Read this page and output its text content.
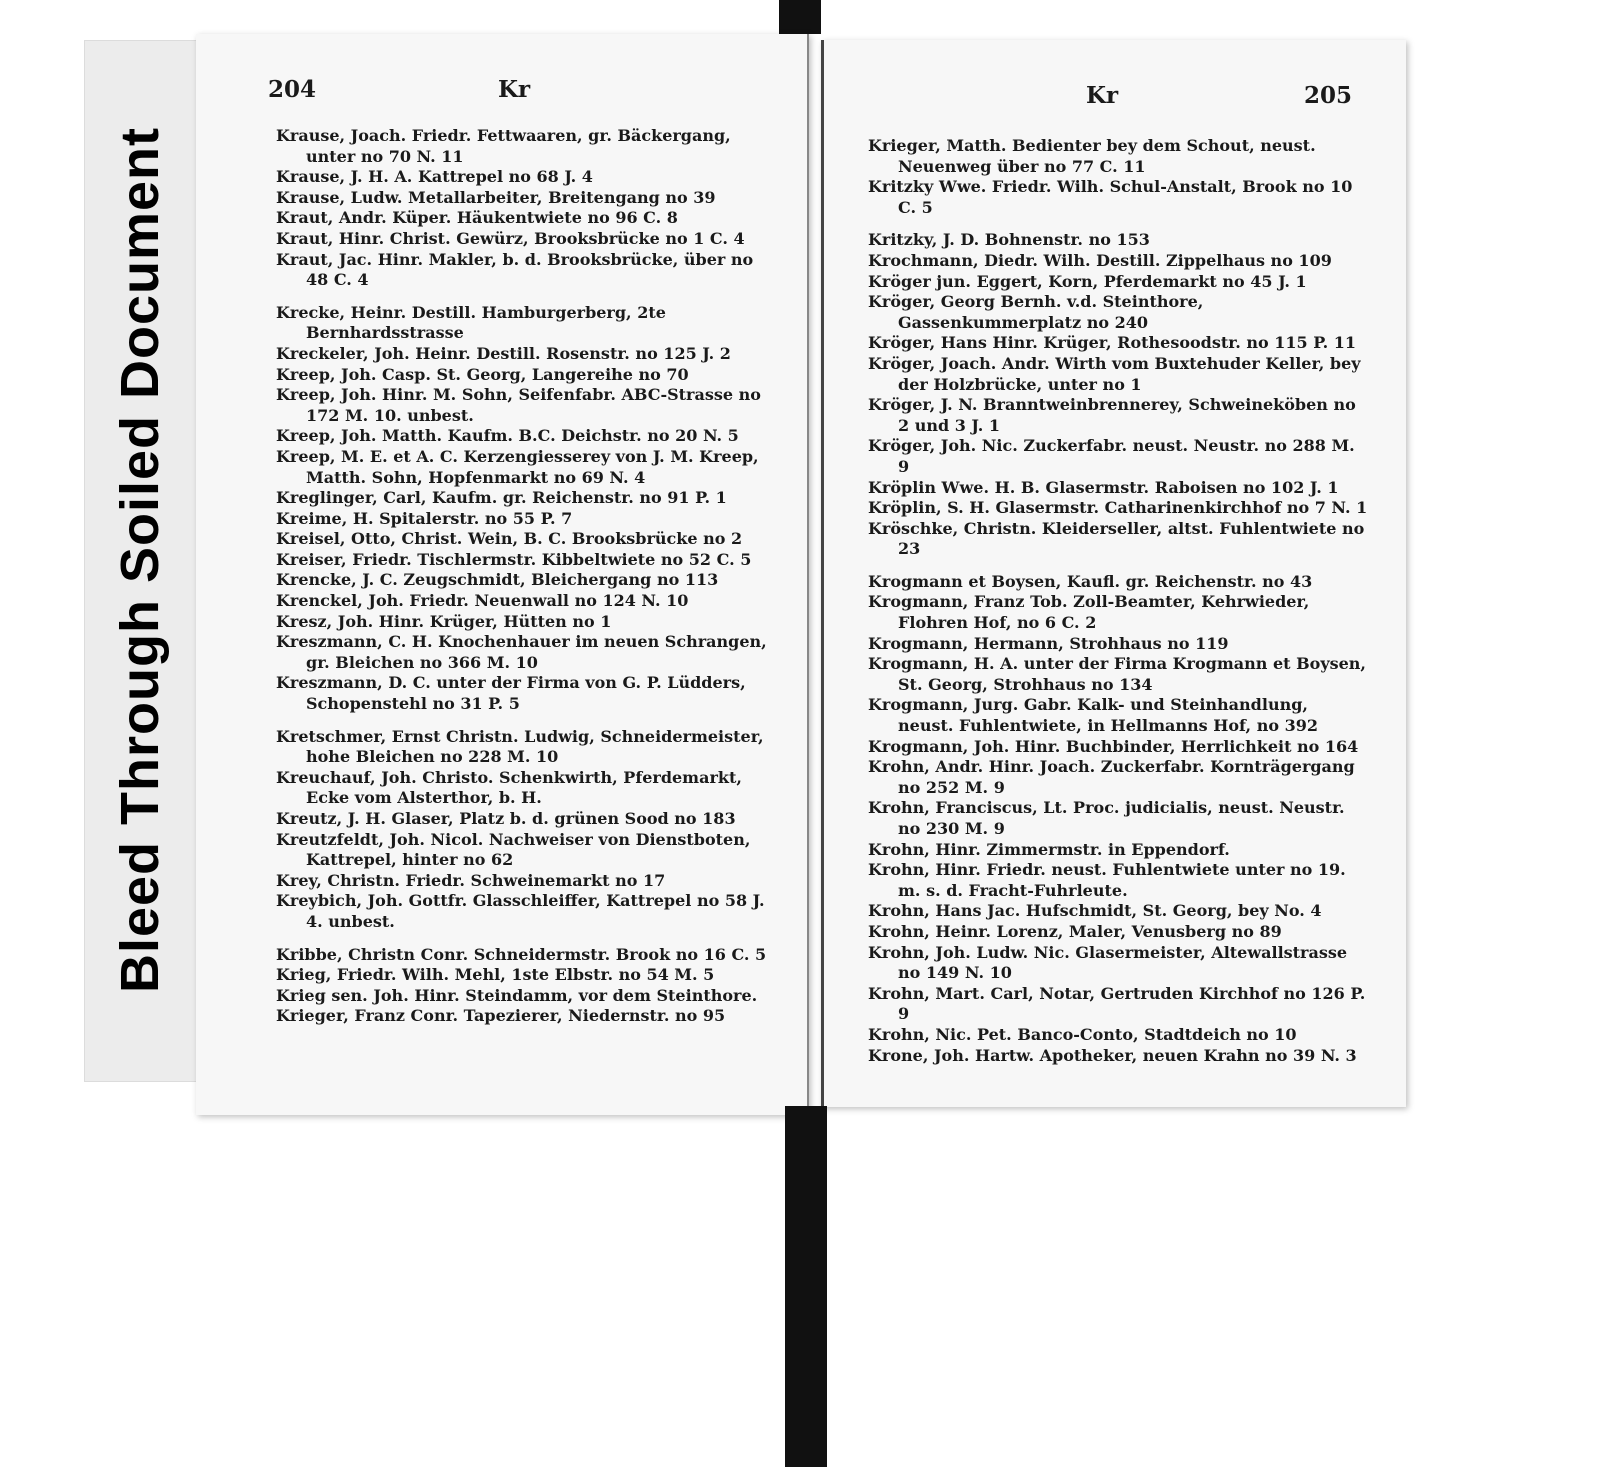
Bleed Through Soiled Document
204	Kr

Krause, Joach. Friedr. Fettwaaren, gr. Bäckergang, unter no 70 N. 11

Krause, J. H. A. Kattrepel no 68 J. 4

Krause, Ludw. Metallarbeiter, Breitengang no 39

Kraut, Andr. Küper. Häukentwiete no 96 C. 8

Kraut, Hinr. Christ. Gewürz, Brooksbrücke no 1 C. 4

Kraut, Jac. Hinr. Makler, b. d. Brooksbrücke, über no 48 C. 4

Krecke, Heinr. Destill. Hamburgerberg, 2te Bernhardsstrasse

Kreckeler, Joh. Heinr. Destill. Rosenstr. no 125 J. 2

Kreep, Joh. Casp. St. Georg, Langereihe no 70

Kreep, Joh. Hinr. M. Sohn, Seifenfabr. ABC-Strasse no 172 M. 10. unbest.

Kreep, Joh. Matth. Kaufm. B.C. Deichstr. no 20 N. 5

Kreep, M. E. et A. C. Kerzengiesserey von J. M. Kreep, Matth. Sohn, Hopfenmarkt no 69 N. 4

Kreglinger, Carl, Kaufm. gr. Reichenstr. no 91 P. 1

Kreime, H. Spitalerstr. no 55 P. 7

Kreisel, Otto, Christ. Wein, B. C. Brooksbrücke no 2

Kreiser, Friedr. Tischlermstr. Kibbeltwiete no 52 C. 5

Krencke, J. C. Zeugschmidt, Bleichergang no 113

Krenckel, Joh. Friedr. Neuenwall no 124 N. 10

Kresz, Joh. Hinr. Krüger, Hütten no 1

Kreszmann, C. H. Knochenhauer im neuen Schrangen, gr. Bleichen no 366 M. 10

Kreszmann, D. C. unter der Firma von G. P. Lüdders, Schopenstehl no 31 P. 5

Kretschmer, Ernst Christn. Ludwig, Schneidermeister, hohe Bleichen no 228 M. 10

Kreuchauf, Joh. Christo. Schenkwirth, Pferdemarkt, Ecke vom Alsterthor, b. H.

Kreutz, J. H. Glaser, Platz b. d. grünen Sood no 183

Kreutzfeldt, Joh. Nicol. Nachweiser von Dienstboten, Kattrepel, hinter no 62

Krey, Christn. Friedr. Schweinemarkt no 17

Kreybich, Joh. Gottfr. Glasschleiffer, Kattrepel no 58 J. 4. unbest.

Kribbe, Christn Conr. Schneidermstr. Brook no 16 C. 5

Krieg, Friedr. Wilh. Mehl, 1ste Elbstr. no 54 M. 5

Krieg sen. Joh. Hinr. Steindamm, vor dem Steinthore.

Krieger, Franz Conr. Tapezierer, Niedernstr. no 95

Kr	205

Krieger, Matth. Bedienter bey dem Schout, neust. Neuenweg über no 77 C. 11

Kritzky Wwe. Friedr. Wilh. Schul-Anstalt, Brook no 10 C. 5

Kritzky, J. D. Bohnenstr. no 153

Krochmann, Diedr. Wilh. Destill. Zippelhaus no 109

Kröger jun. Eggert, Korn, Pferdemarkt no 45 J. 1

Kröger, Georg Bernh. v.d. Steinthore, Gassenkummerplatz no 240

Kröger, Hans Hinr. Krüger, Rothesoodstr. no 115 P. 11

Kröger, Joach. Andr. Wirth vom Buxtehuder Keller, bey der Holzbrücke, unter no 1

Kröger, J. N. Branntweinbrennerey, Schweineköben no 2 und 3 J. 1

Kröger, Joh. Nic. Zuckerfabr. neust. Neustr. no 288 M. 9

Kröplin Wwe. H. B. Glasermstr. Raboisen no 102 J. 1

Kröplin, S. H. Glasermstr. Catharinenkirchhof no 7 N. 1

Kröschke, Christn. Kleiderseller, altst. Fuhlentwiete no 23

Krogmann et Boysen, Kaufl. gr. Reichenstr. no 43

Krogmann, Franz Tob. Zoll-Beamter, Kehrwieder, Flohren Hof, no 6 C. 2

Krogmann, Hermann, Strohhaus no 119

Krogmann, H. A. unter der Firma Krogmann et Boysen, St. Georg, Strohhaus no 134

Krogmann, Jurg. Gabr. Kalk- und Steinhandlung, neust. Fuhlentwiete, in Hellmanns Hof, no 392

Krogmann, Joh. Hinr. Buchbinder, Herrlichkeit no 164

Krohn, Andr. Hinr. Joach. Zuckerfabr. Kornträgergang no 252 M. 9

Krohn, Franciscus, Lt. Proc. judicialis, neust. Neustr. no 230 M. 9

Krohn, Hinr. Zimmermstr. in Eppendorf.

Krohn, Hinr. Friedr. neust. Fuhlentwiete unter no 19. m. s. d. Fracht-Fuhrleute.

Krohn, Hans Jac. Hufschmidt, St. Georg, bey No. 4

Krohn, Heinr. Lorenz, Maler, Venusberg no 89

Krohn, Joh. Ludw. Nic. Glasermeister, Altewallstrasse no 149 N. 10

Krohn, Mart. Carl, Notar, Gertruden Kirchhof no 126 P. 9

Krohn, Nic. Pet. Banco-Conto, Stadtdeich no 10

Krone, Joh. Hartw. Apotheker, neuen Krahn no 39 N. 3
